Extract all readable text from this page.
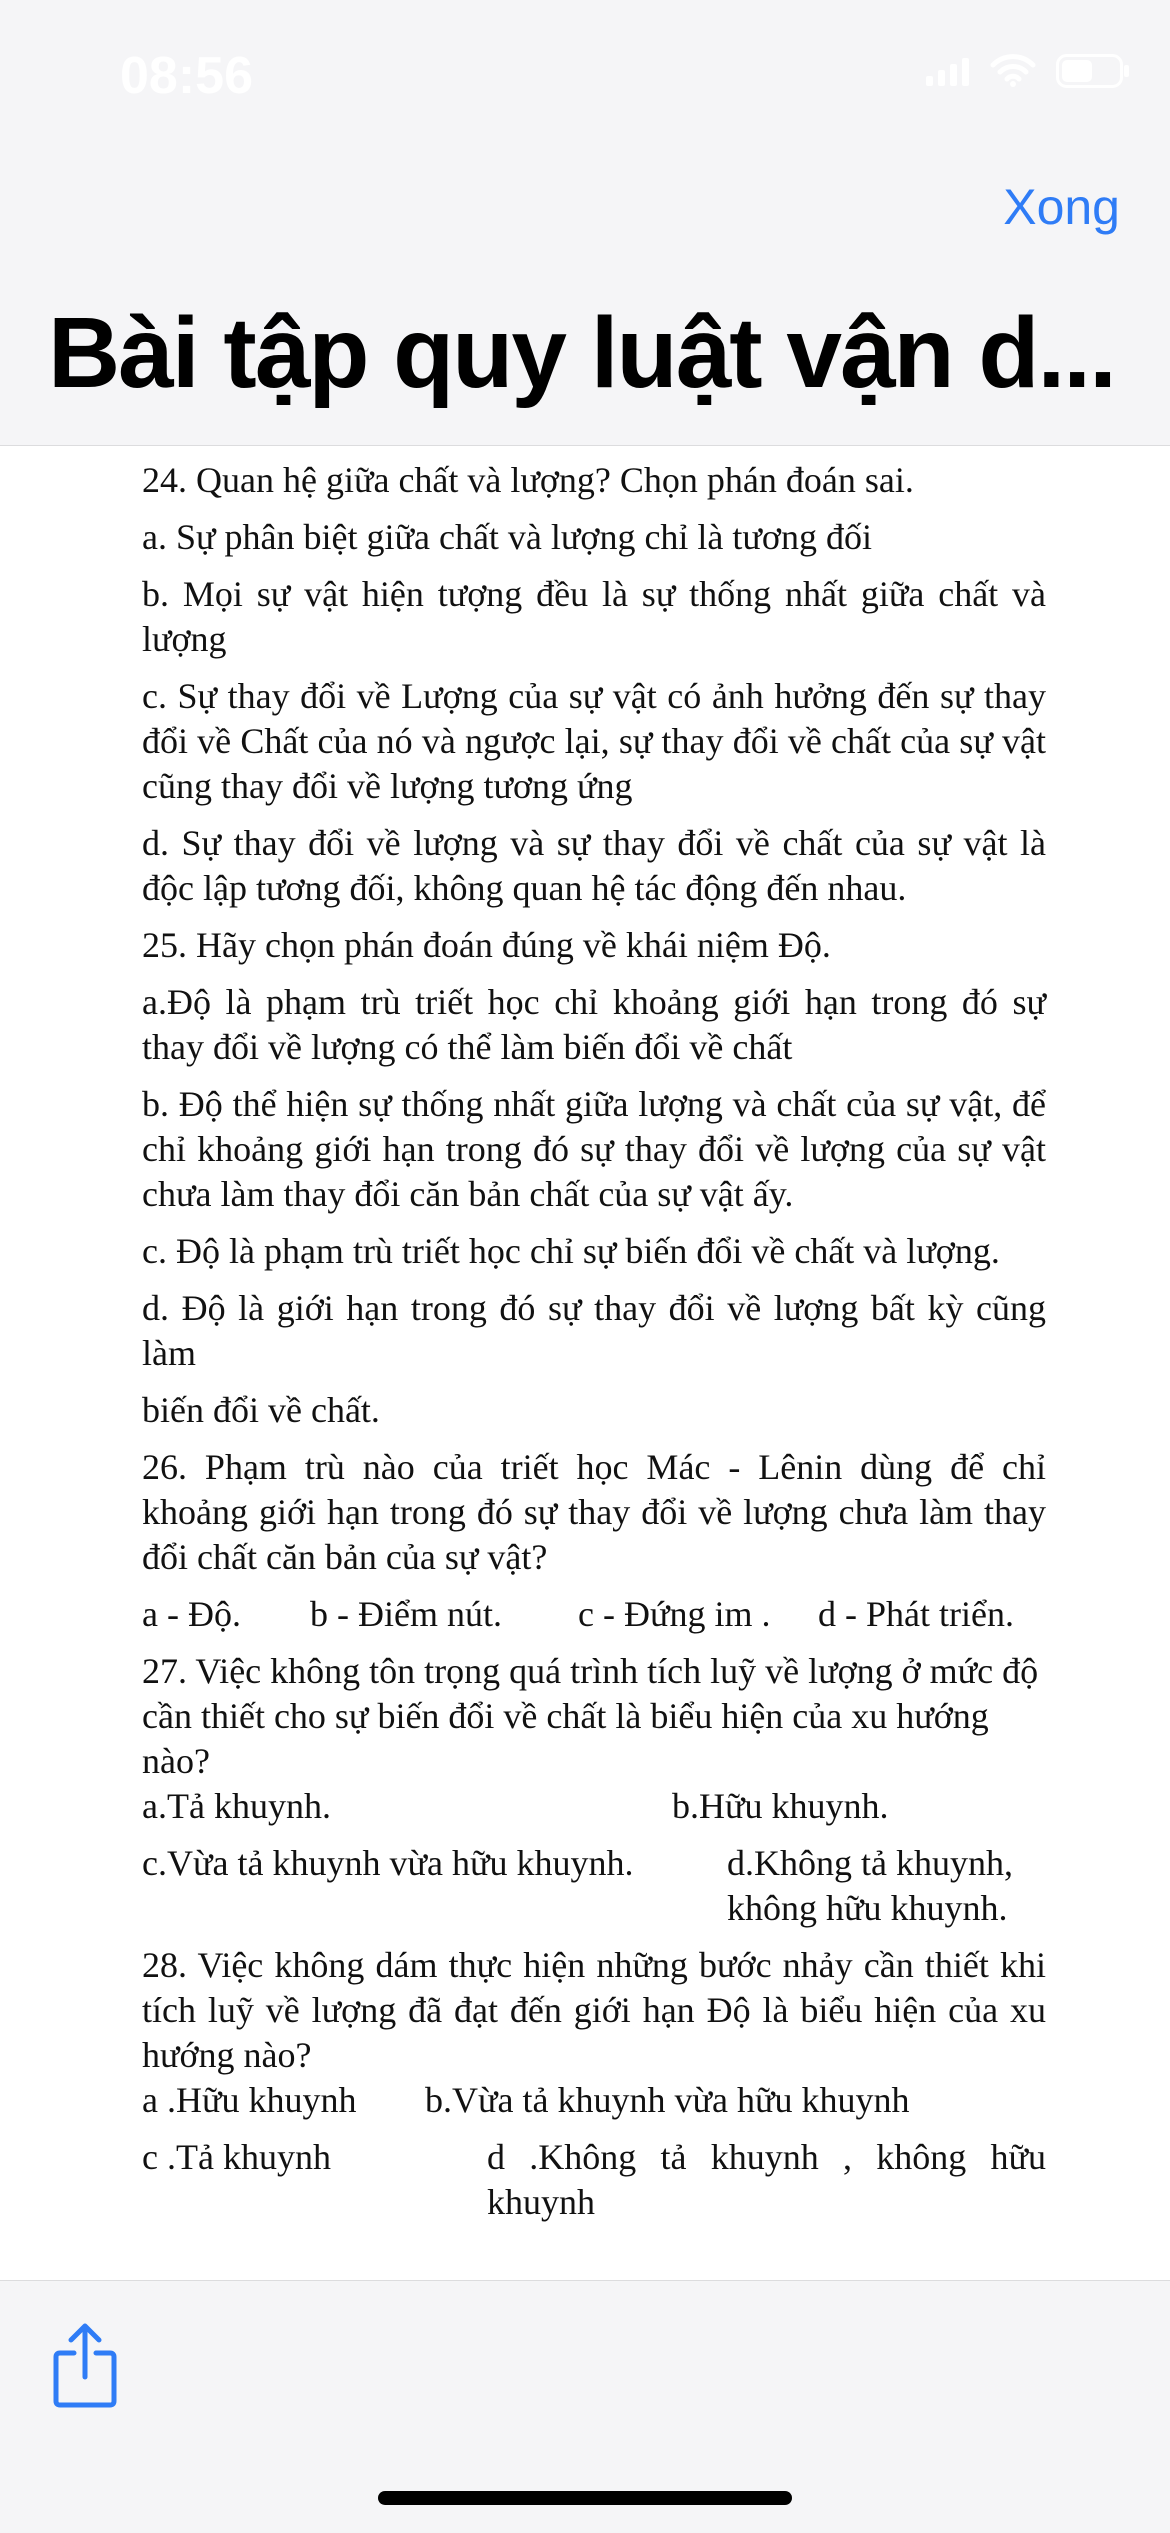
08:56
Xong
Bài tập quy luật vận d...

24. Quan hệ giữa chất và lượng? Chọn phán đoán sai.

a. Sự phân biệt giữa chất và lượng chỉ là tương đối

b. Mọi sự vật hiện tượng đều là sự thống nhất giữa chất và lượng

c. Sự thay đổi về Lượng của sự vật có ảnh hưởng đến sự thay đổi về Chất của nó và ngược lại, sự thay đổi về chất của sự vật cũng thay đổi về lượng tương ứng

d. Sự thay đổi về lượng và sự thay đổi về chất của sự vật là độc lập tương đối, không quan hệ tác động đến nhau.

25. Hãy chọn phán đoán đúng về khái niệm Độ.

a.Độ là phạm trù triết học chỉ khoảng giới hạn trong đó sự thay đổi về lượng có thể làm biến đổi về chất

b. Độ thể hiện sự thống nhất giữa lượng và chất của sự vật, để chỉ khoảng giới hạn trong đó sự thay đổi về lượng của sự vật chưa làm thay đổi căn bản chất của sự vật ấy.

c. Độ là phạm trù triết học chỉ sự biến đổi về chất và lượng.

d. Độ là giới hạn trong đó sự thay đổi về lượng bất kỳ cũng làm

biến đổi về chất.

26. Phạm trù nào của triết học Mác - Lênin dùng để chỉ khoảng giới hạn trong đó sự thay đổi về lượng chưa làm thay đổi chất căn bản của sự vật?

a - Độ.	b - Điểm nút.	c - Đứng im .	d - Phát triển.

27. Việc không tôn trọng quá trình tích luỹ về lượng ở mức độ cần thiết cho sự biến đổi về chất là biểu hiện của xu hướng nào?

a.Tả khuynh.	b.Hữu khuynh.
c.Vừa tả khuynh vừa hữu khuynh.	d.Không tả khuynh, không hữu khuynh.

28. Việc không dám thực hiện những bước nhảy cần thiết khi tích luỹ về lượng đã đạt đến giới hạn Độ là biểu hiện của xu hướng nào?

a .Hữu khuynh	b.Vừa tả khuynh vừa hữu khuynh
c .Tả khuynh	d .Không tả khuynh , không hữu khuynh
